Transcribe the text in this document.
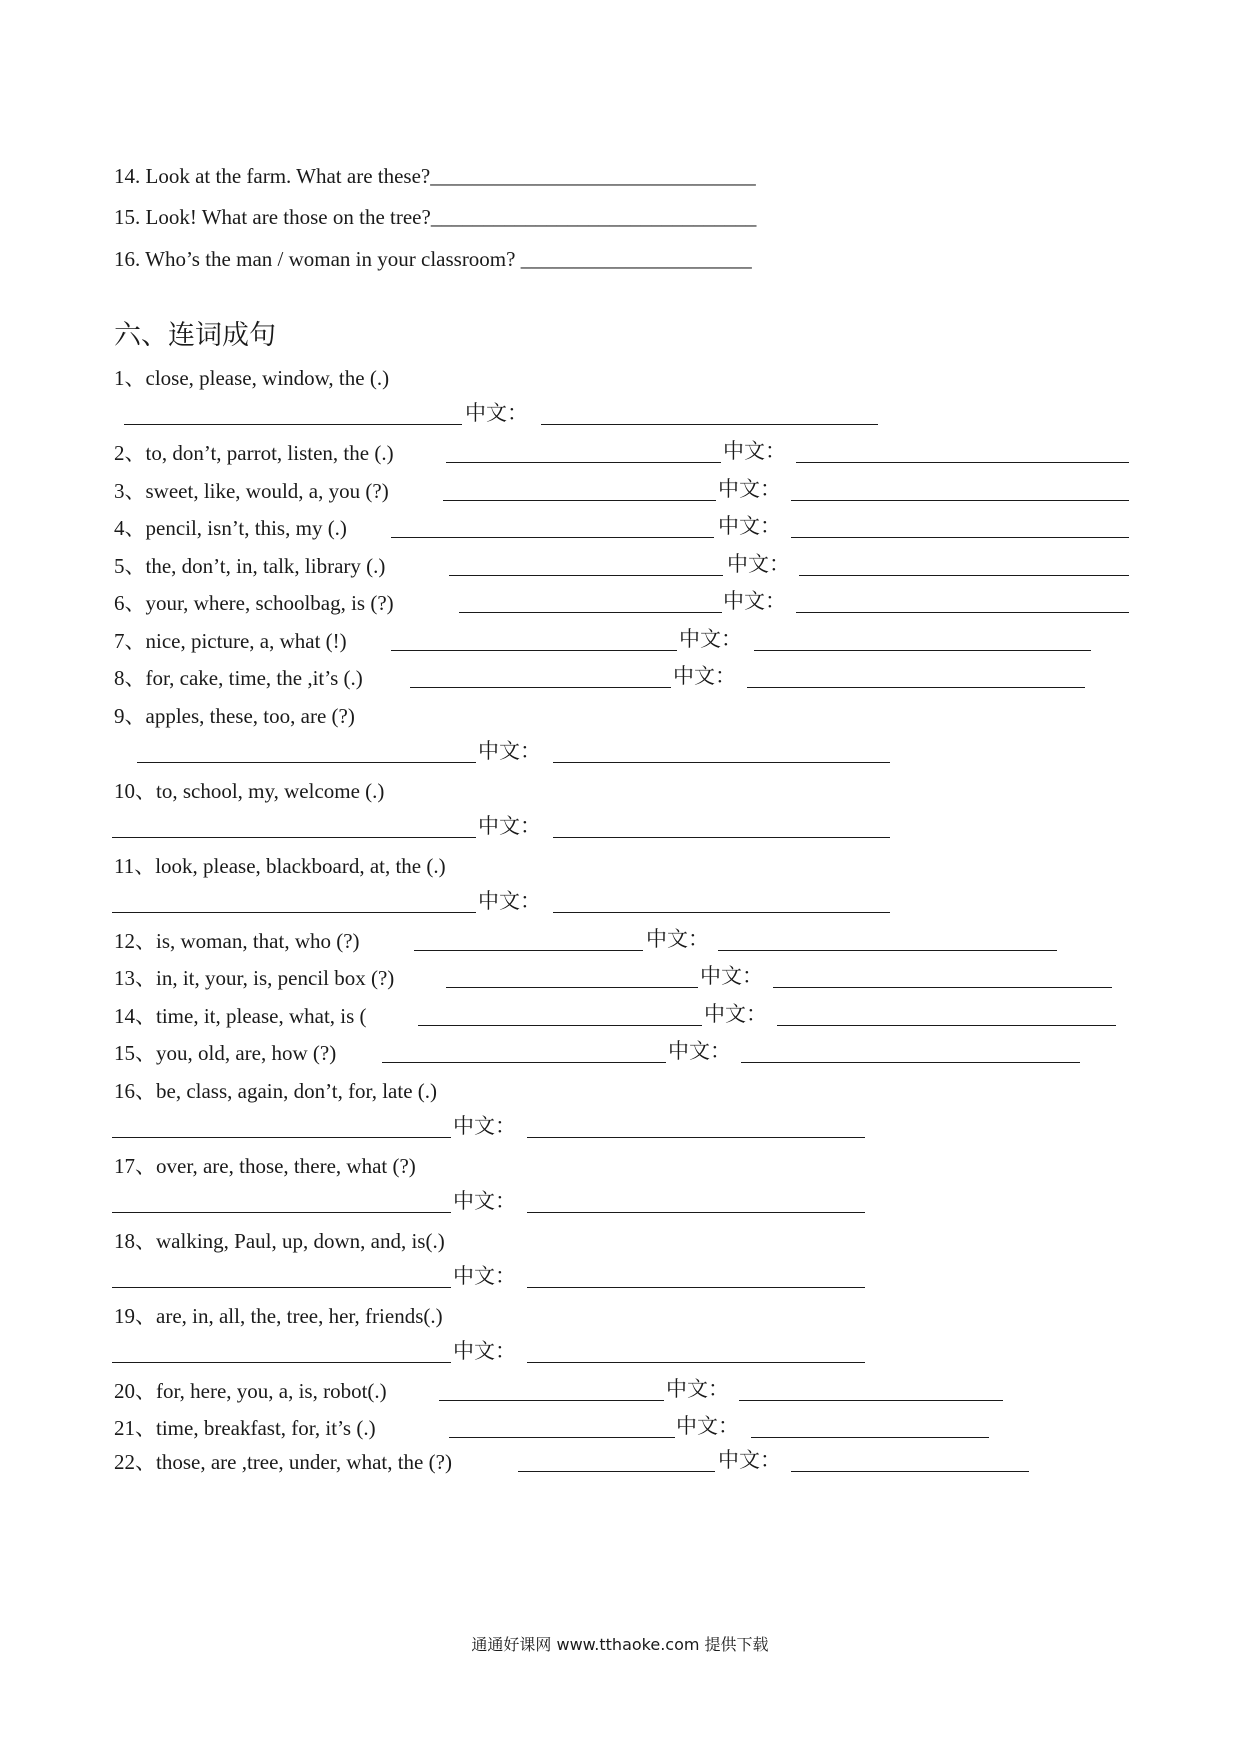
14. Look at the farm. What are these?_______________________________
15. Look! What are those on the tree?_______________________________
16. Who’s the man / woman in your classroom? ______________________
六、连词成句
1、close, please, window, the (.)
中文：
2、to, don’t, parrot, listen, the (.)	中文：
3、sweet, like, would, a, you (?)	中文：
4、pencil, isn’t, this, my (.)	中文：
5、the, don’t, in, talk, library (.)	中文：
6、your, where, schoolbag, is (?)	中文：
7、nice, picture, a, what (!)	中文：
8、for, cake, time, the ,it’s (.)	中文：
9、apples, these, too, are (?)
中文：
10、to, school, my, welcome (.)
中文：
11、look, please, blackboard, at, the (.)
中文：
12、is, woman, that, who (?)	中文：
13、in, it, your, is, pencil box (?)	中文：
14、time, it, please, what, is (	中文：
15、you, old, are, how (?)	中文：
16、be, class, again, don’t, for, late (.)
中文：
17、over, are, those, there, what (?)
中文：
18、walking, Paul, up, down, and, is(.)
中文：
19、are, in, all, the, tree, her, friends(.)
中文：
20、for, here, you, a, is, robot(.)	中文：
21、time, breakfast, for, it’s (.)	中文：
22、those, are ,tree, under, what, the (?)	中文：
通通好课网 www.tthaoke.com 提供下载
